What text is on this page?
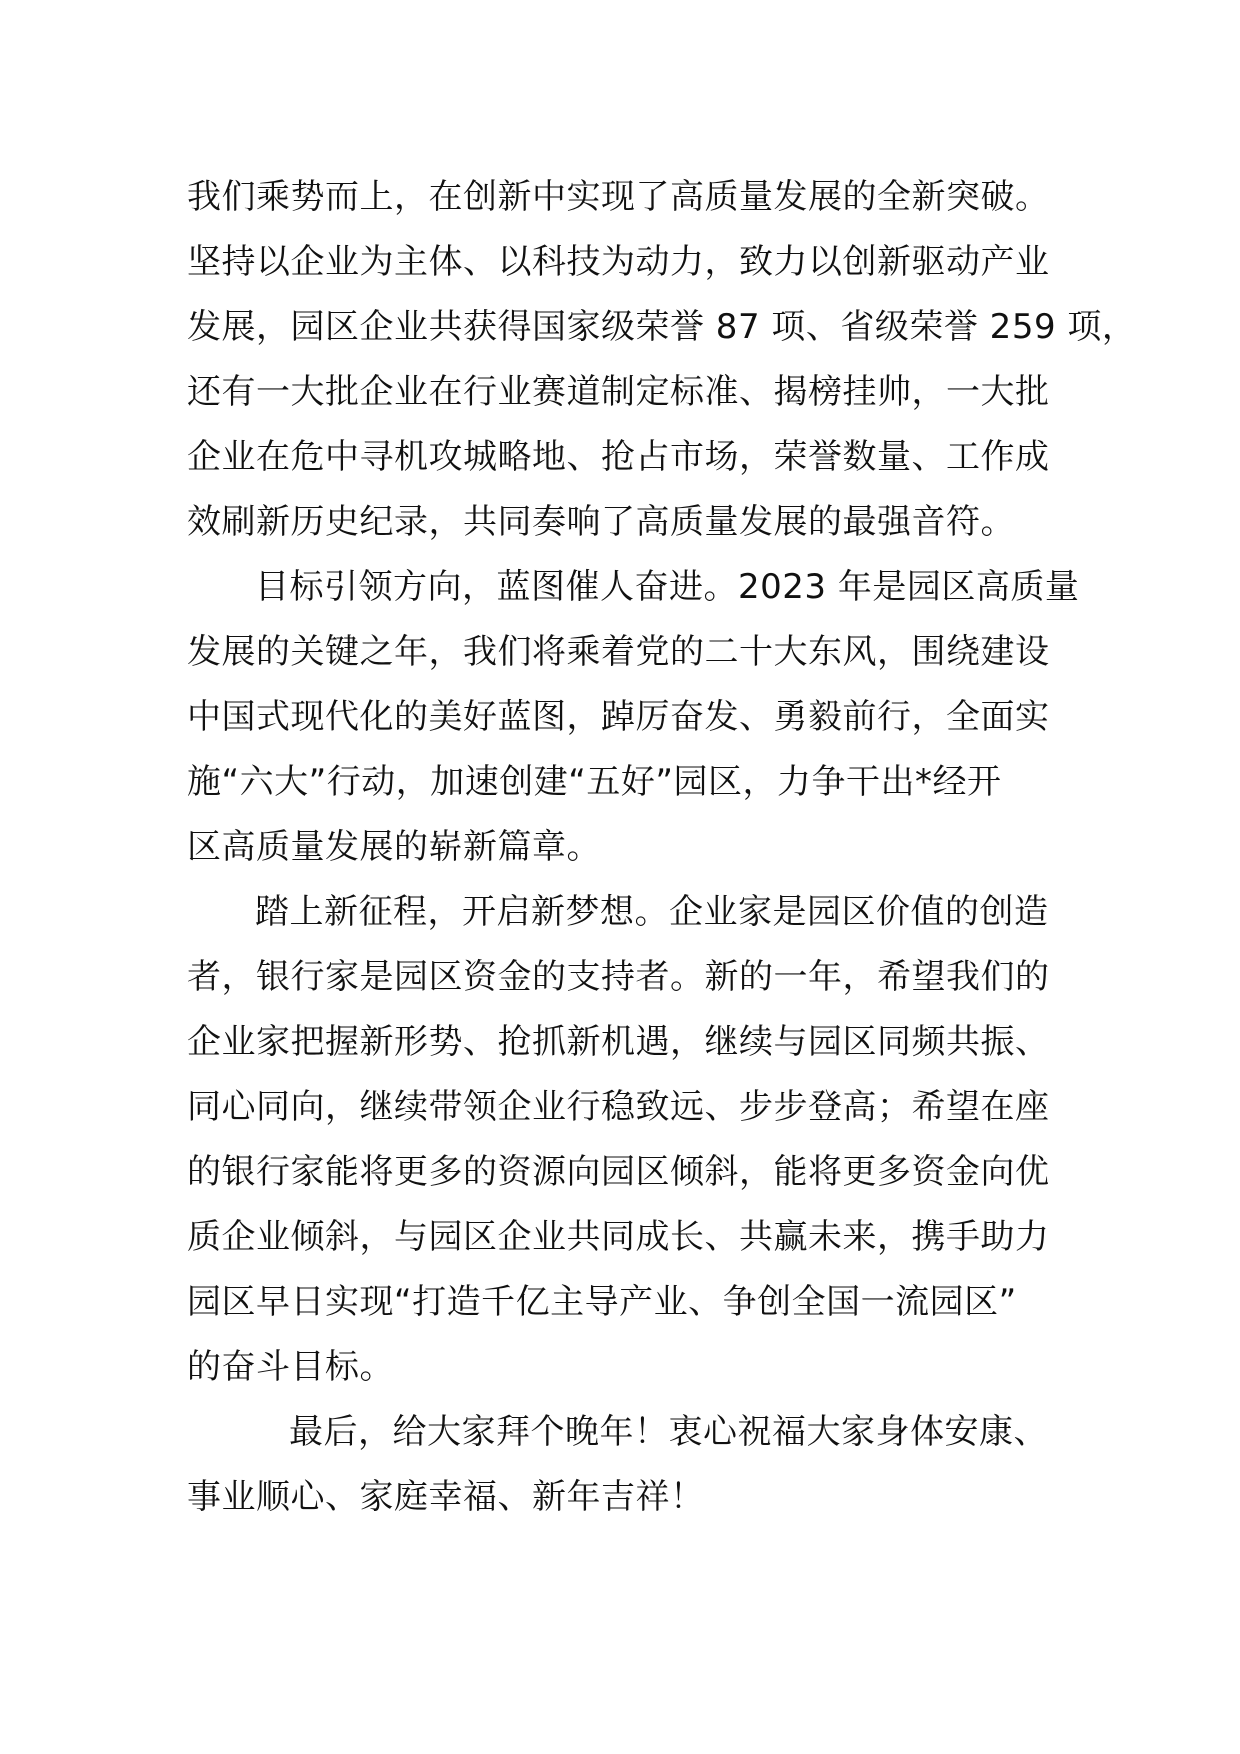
我们乘势而上，在创新中实现了高质量发展的全新突破。
坚持以企业为主体、以科技为动力，致力以创新驱动产业
发展，园区企业共获得国家级荣誉 87 项、省级荣誉 259 项，
还有一大批企业在行业赛道制定标准、揭榜挂帅，一大批
企业在危中寻机攻城略地、抢占市场，荣誉数量、工作成
效刷新历史纪录，共同奏响了高质量发展的最强音符。
目标引领方向，蓝图催人奋进。2023 年是园区高质量
发展的关键之年，我们将乘着党的二十大东风，围绕建设
中国式现代化的美好蓝图，踔厉奋发、勇毅前行，全面实
施“六大”行动，加速创建“五好”园区，力争干出*经开
区高质量发展的崭新篇章。
踏上新征程，开启新梦想。企业家是园区价值的创造
者，银行家是园区资金的支持者。新的一年，希望我们的
企业家把握新形势、抢抓新机遇，继续与园区同频共振、
同心同向，继续带领企业行稳致远、步步登高；希望在座
的银行家能将更多的资源向园区倾斜，能将更多资金向优
质企业倾斜，与园区企业共同成长、共赢未来，携手助力
园区早日实现“打造千亿主导产业、争创全国一流园区”
的奋斗目标。
最后，给大家拜个晚年！衷心祝福大家身体安康、
事业顺心、家庭幸福、新年吉祥！
